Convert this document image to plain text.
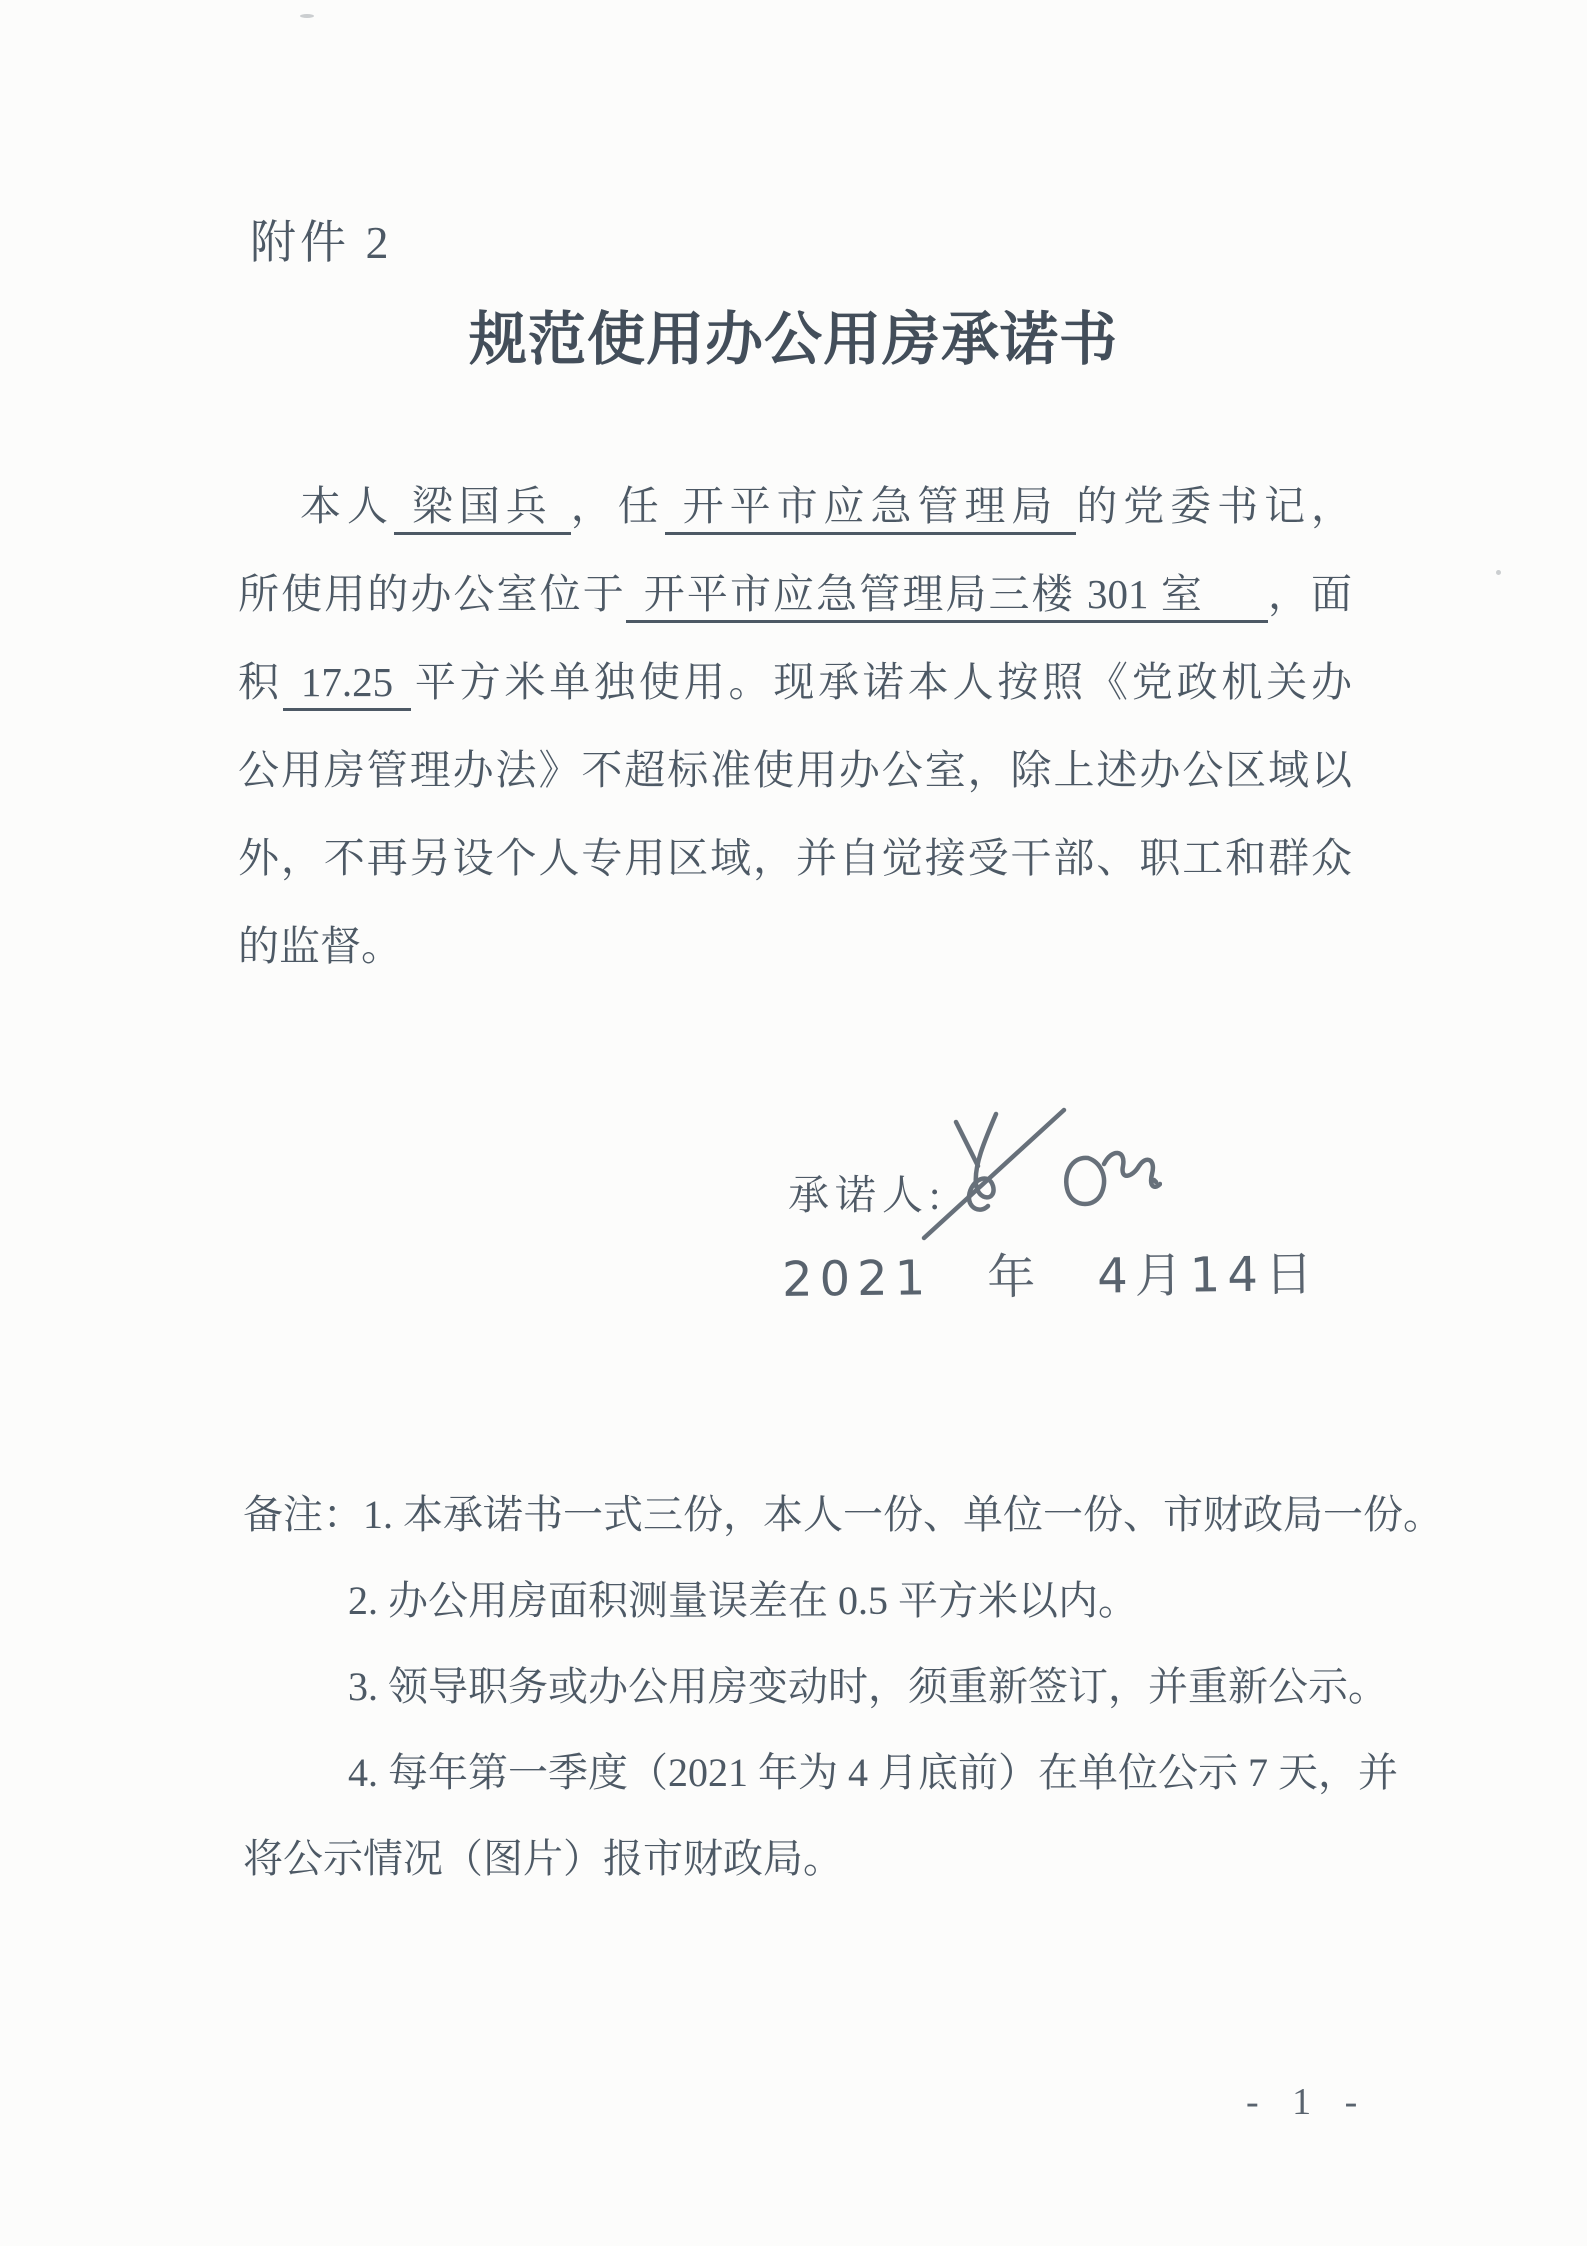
附件 2
规范使用办公用房承诺书
本人 梁国兵 ，任 开平市应急管理局 的党委书记，
所使用的办公室位于 开平市应急管理局三楼 301 室 ，面
积 17.25 平方米单独使用。现承诺本人按照《党政机关办
公用房管理办法》不超标准使用办公室，除上述办公区域以
外，不再另设个人专用区域，并自觉接受干部、职工和群众
的监督。
承诺人:
2021　年　4月14日
备注：1. 本承诺书一式三份，本人一份、单位一份、市财政局一份。
2. 办公用房面积测量误差在 0.5 平方米以内。
3. 领导职务或办公用房变动时，须重新签订，并重新公示。
4. 每年第一季度（2021 年为 4 月底前）在单位公示 7 天，并
将公示情况（图片）报市财政局。
- 1 -
